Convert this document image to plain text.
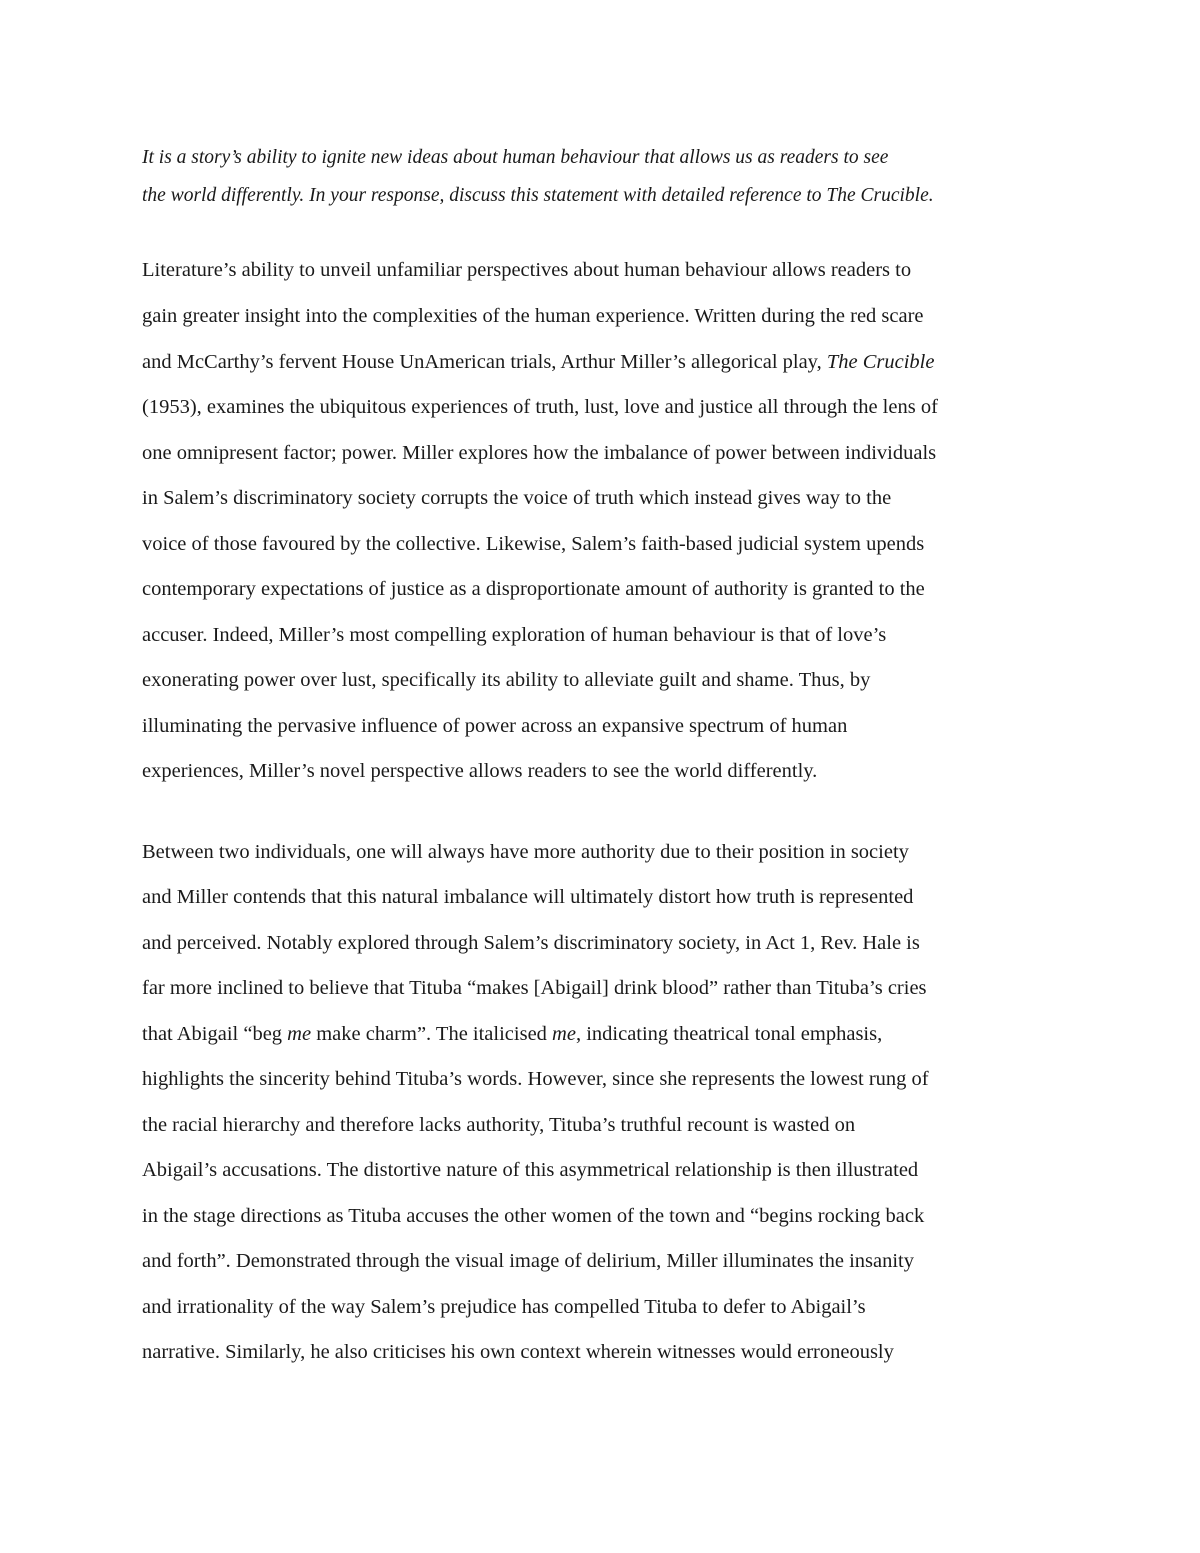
It is a story’s ability to ignite new ideas about human behaviour that allows us as readers to see
the world differently. In your response, discuss this statement with detailed reference to The Crucible.
Literature’s ability to unveil unfamiliar perspectives about human behaviour allows readers to
gain greater insight into the complexities of the human experience. Written during the red scare
and McCarthy’s fervent House UnAmerican trials, Arthur Miller’s allegorical play, The Crucible
(1953), examines the ubiquitous experiences of truth, lust, love and justice all through the lens of
one omnipresent factor; power. Miller explores how the imbalance of power between individuals
in Salem’s discriminatory society corrupts the voice of truth which instead gives way to the
voice of those favoured by the collective. Likewise, Salem’s faith-based judicial system upends
contemporary expectations of justice as a disproportionate amount of authority is granted to the
accuser. Indeed, Miller’s most compelling exploration of human behaviour is that of love’s
exonerating power over lust, specifically its ability to alleviate guilt and shame. Thus, by
illuminating the pervasive influence of power across an expansive spectrum of human
experiences, Miller’s novel perspective allows readers to see the world differently.
Between two individuals, one will always have more authority due to their position in society
and Miller contends that this natural imbalance will ultimately distort how truth is represented
and perceived. Notably explored through Salem’s discriminatory society, in Act 1, Rev. Hale is
far more inclined to believe that Tituba “makes [Abigail] drink blood” rather than Tituba’s cries
that Abigail “beg me make charm”. The italicised me, indicating theatrical tonal emphasis,
highlights the sincerity behind Tituba’s words. However, since she represents the lowest rung of
the racial hierarchy and therefore lacks authority, Tituba’s truthful recount is wasted on
Abigail’s accusations. The distortive nature of this asymmetrical relationship is then illustrated
in the stage directions as Tituba accuses the other women of the town and “begins rocking back
and forth”. Demonstrated through the visual image of delirium, Miller illuminates the insanity
and irrationality of the way Salem’s prejudice has compelled Tituba to defer to Abigail’s
narrative. Similarly, he also criticises his own context wherein witnesses would erroneously
